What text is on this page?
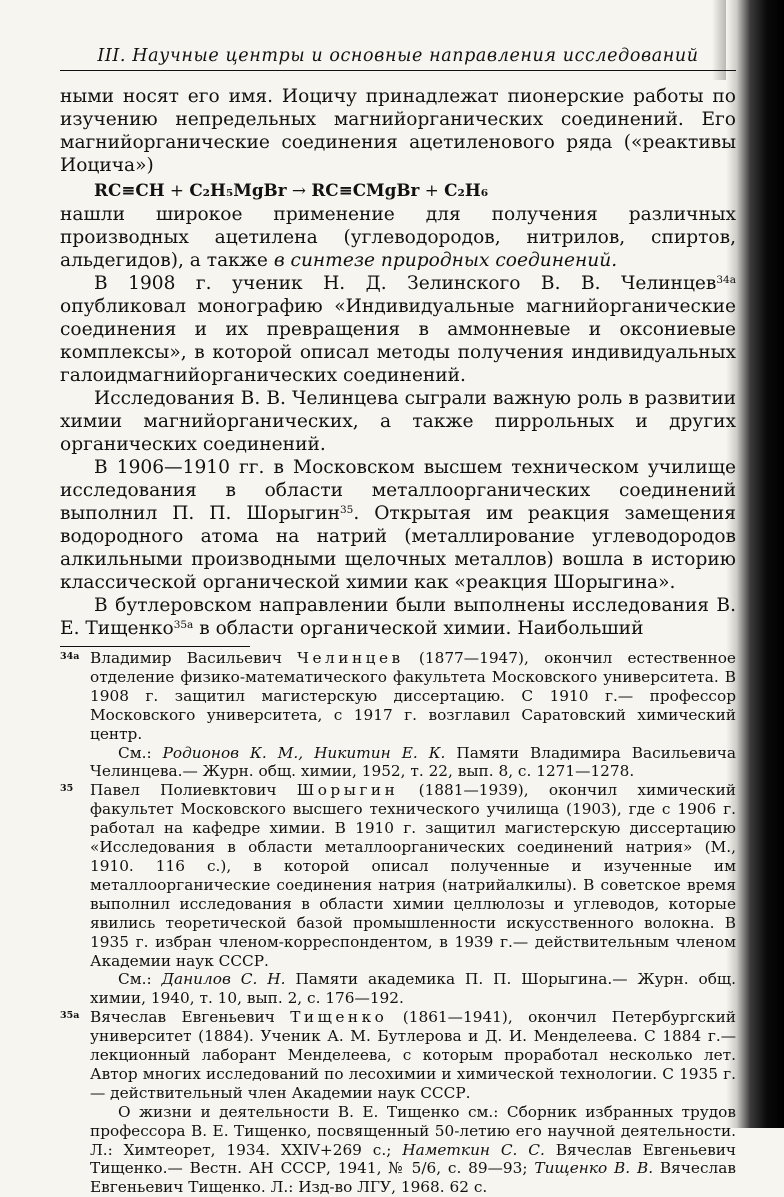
III. Научные центры и основные направления исследований

ными носят его имя. Иоцичу принадлежат пионерские работы по изучению непредельных магнийорганических соединений. Его магнийорганические соединения ацетиленового ряда («реактивы Иоцича»)

RC≡CH + C₂H₅MgBr → RC≡CMgBr + C₂H₆

нашли широкое применение для получения различных производных ацетилена (углеводородов, нитрилов, спиртов, альдегидов), а также в синтезе природных соединений.

В 1908 г. ученик Н. Д. Зелинского В. В. Челинцев$^{34а}$ опубликовал монографию «Индивидуальные магнийорганические соединения и их превращения в аммонневые и оксониевые комплексы», в которой описал методы получения индивидуальных галоидмагнийорганических соединений.

Исследования В. В. Челинцева сыграли важную роль в развитии химии магнийорганических, а также пиррольных и других органических соединений.

В 1906—1910 гг. в Московском высшем техническом училище исследования в области металлоорганических соединений выполнил П. П. Шорыгин$^{35}$. Открытая им реакция замещения водородного атома на натрий (металлирование углеводородов алкильными производными щелочных металлов) вошла в историю классической органической химии как «реакция Шорыгина».

В бутлеровском направлении были выполнены исследования В. Е. Тищенко$^{35а}$ в области органической химии. Наибольший

34а Владимир Васильевич Челинцев (1877—1947), окончил естественное отделение физико-математического факультета Московского университета. В 1908 г. защитил магистерскую диссертацию. С 1910 г.— профессор Московского университета, с 1917 г. возглавил Саратовский химический центр.
См.: Родионов К. М., Никитин Е. К. Памяти Владимира Васильевича Челинцева.— Журн. общ. химии, 1952, т. 22, вып. 8, с. 1271—1278.
35 Павел Полиевктович Шорыгин (1881—1939), окончил химический факультет Московского высшего технического училища (1903), где с 1906 г. работал на кафедре химии. В 1910 г. защитил магистерскую диссертацию «Исследования в области металлоорганических соединений натрия» (М., 1910. 116 с.), в которой описал полученные и изученные им металлоорганические соединения натрия (натрийалкилы). В советское время выполнил исследования в области химии целлюлозы и углеводов, которые явились теоретической базой промышленности искусственного волокна. В 1935 г. избран членом-корреспондентом, в 1939 г.— действительным членом Академии наук СССР.
См.: Данилов С. Н. Памяти академика П. П. Шорыгина.— Журн. общ. химии, 1940, т. 10, вып. 2, с. 176—192.
35а Вячеслав Евгеньевич Тищенко (1861—1941), окончил Петербургский университет (1884). Ученик А. М. Бутлерова и Д. И. Менделеева. С 1884 г.— лекционный лаборант Менделеева, с которым проработал несколько лет. Автор многих исследований по лесохимии и химической технологии. С 1935 г.— действительный член Академии наук СССР.
О жизни и деятельности В. Е. Тищенко см.: Сборник избранных трудов профессора В. Е. Тищенко, посвященный 50-летию его научной деятельности. Л.: Химтеорет, 1934. XXIV+269 с.; Наметкин С. С. Вячеслав Евгеньевич Тищенко.— Вестн. АН СССР, 1941, № 5/6, с. 89—93; Тищенко В. В. Вячеслав Евгеньевич Тищенко. Л.: Изд-во ЛГУ, 1968. 62 с.
